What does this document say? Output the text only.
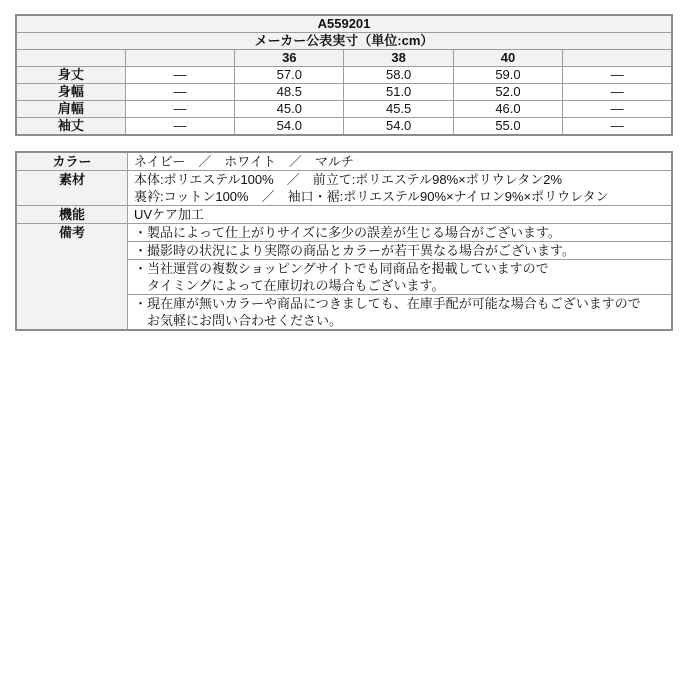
A559201					
メーカー公表実寸（単位:cm）					
		36	38	40	
身丈	—	57.0	58.0	59.0	—
身幅	—	48.5	51.0	52.0	—
肩幅	—	45.0	45.5	46.0	—
袖丈	—	54.0	54.0	55.0	—
カラー	ネイビー　／　ホワイト　／　マルチ
素材	本体:ポリエステル100%　／　前立て:ポリエステル98%×ポリウレタン2%
裏衿:コットン100%　／　袖口・裾:ポリエステル90%×ナイロン9%×ポリウレタン

機能	UVケア加工
備考	・製品によって仕上がりサイズに多少の誤差が生じる場合がございます。
・撮影時の状況により実際の商品とカラーが若干異なる場合がございます。
・当社運営の複数ショッピングサイトでも同商品を掲載していますので
タイミングによって在庫切れの場合もございます。
・現在庫が無いカラーや商品につきましても、在庫手配が可能な場合もございますので
お気軽にお問い合わせください。
